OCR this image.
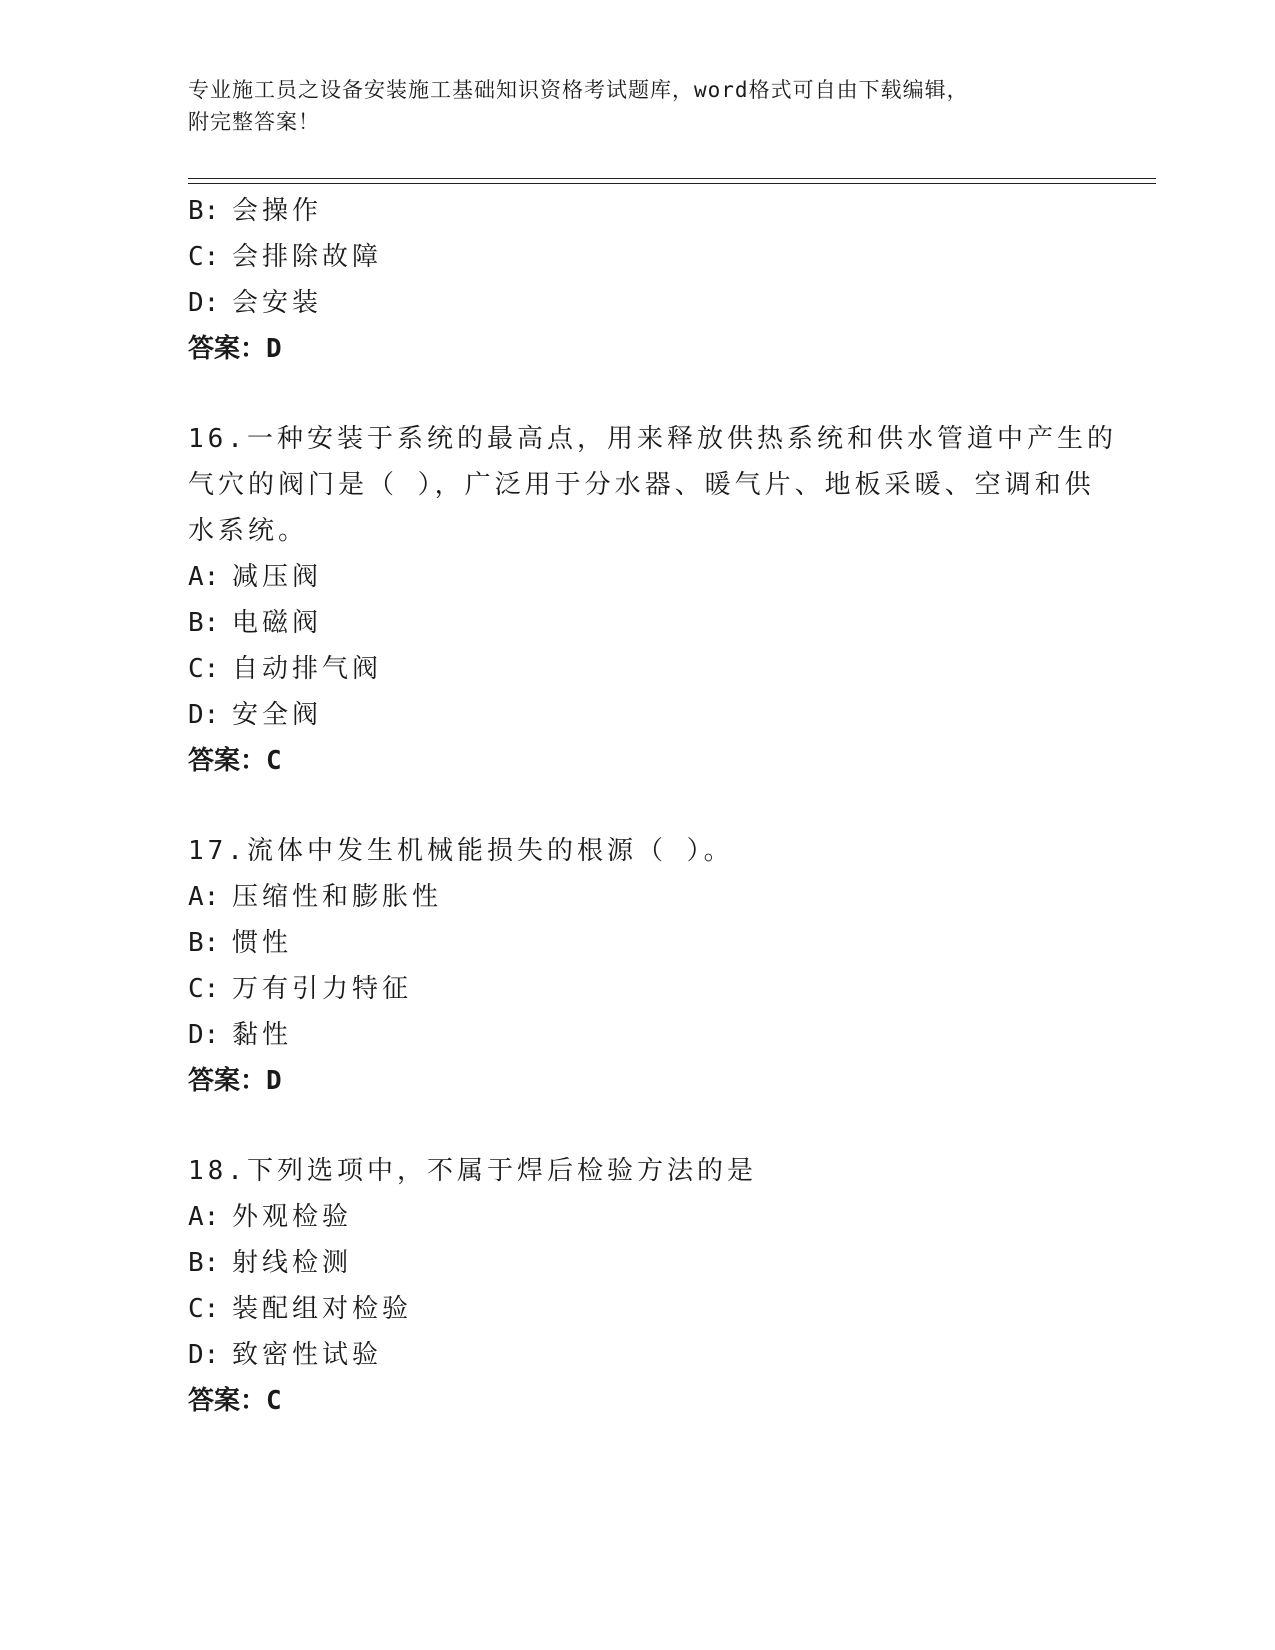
专业施工员之设备安装施工基础知识资格考试题库，word格式可自由下载编辑，
附完整答案！
B: 会操作
C: 会排除故障
D: 会安装
答案：D
16.一种安装于系统的最高点，用来释放供热系统和供水管道中产生的
气穴的阀门是（ ），广泛用于分水器、暖气片、地板采暖、空调和供
水系统。
A: 减压阀
B: 电磁阀
C: 自动排气阀
D: 安全阀
答案：C
17.流体中发生机械能损失的根源（ ）。
A: 压缩性和膨胀性
B: 惯性
C: 万有引力特征
D: 黏性
答案：D
18.下列选项中，不属于焊后检验方法的是
A: 外观检验
B: 射线检测
C: 装配组对检验
D: 致密性试验
答案：C
